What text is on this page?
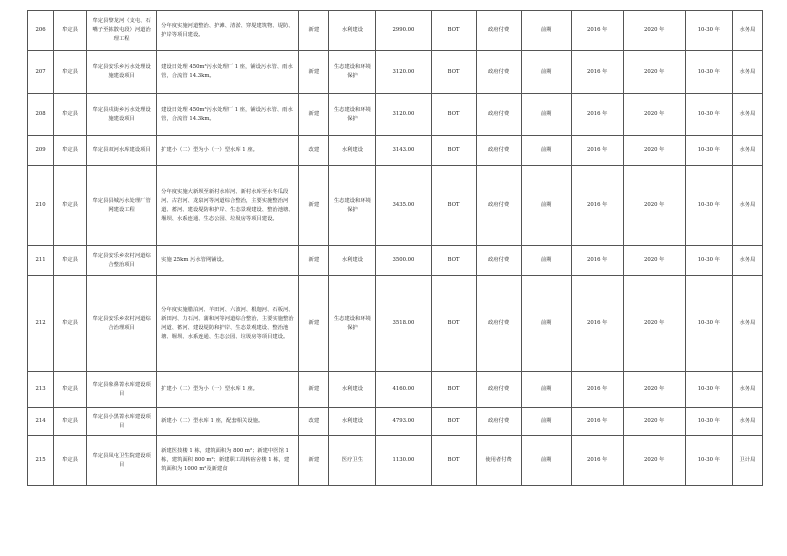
206	牟定县	牟定县黎龙河（支屯、石嘴子至拣散屯段）河道治理工程	分年度实施河道整治、护滩、清淤、穿堤建筑物、堤防、护岸等项目建设。	新建	水利建设	2990.00	BOT	政府付费	前期	2016 年	2020 年	10-30 年	水务局
207	牟定县	牟定县安乐乡污水处理设施建设项目	建设日处理 450m³污水处理厂 1 座，铺设污水管、雨水管，合流管 14.3km。	新建	生态建设和环境保护	3120.00	BOT	政府付费	前期	2016 年	2020 年	10-30 年	水务局
208	牟定县	牟定县戌街乡污水处理设施建设项目	建设日处理 450m³污水处理厂 1 座，铺设污水管、雨水管，合流管 14.3km。	新建	生态建设和环境保护	3120.00	BOT	政府付费	前期	2016 年	2020 年	10-30 年	水务局
209	牟定县	牟定县双河水库建设项目	扩建小（二）型为小（一）型水库 1 座。	改建	水利建设	3143.00	BOT	政府付费	前期	2016 年	2020 年	10-30 年	水务局
210	牟定县	牟定县县城污水处理厂管网建设工程	分年度实施大新坝至新村水库河、新村水库至水冬瓜段河、古岩河、龙泉河等河道综合整治，主要实施整治河道、蓄河、建设堤防和护岸、生态景观建设、整治池塘、堰坝、水系连通、生态公园、垃圾房等项目建设。	新建	生态建设和环境保护	3435.00	BOT	政府付费	前期	2016 年	2020 年	10-30 年	水务局
211	牟定县	牟定县安乐乡农村河道综合整治项目	实施 25km 污水管网铺设。	新建	水利建设	3500.00	BOT	政府付费	前期	2016 年	2020 年	10-30 年	水务局
212	牟定县	牟定县安乐乡农村河道综合治理项目	分年度实施腊泊河、羊田河、六波河、根迦河、石板河、新田河、力石河、蒲和河等河道综合整治，主要实施整治河道、蓄河、建设堤防和护岸、生态景观建设、整治池塘、堰坝、水系连通、生态公园、垃圾房等项目建设。	新建	生态建设和环境保护	3518.00	BOT	政府付费	前期	2016 年	2020 年	10-30 年	水务局
213	牟定县	牟定县象鼻箐水库建设项目	扩建小（二）型为小（一）型水库 1 座。	新建	水利建设	4160.00	BOT	政府付费	前期	2016 年	2020 年	10-30 年	水务局
214	牟定县	牟定县小黑箐水库建设项目	新建小（二）型水库 1 座，配套相关设施。	改建	水利建设	4793.00	BOT	政府付费	前期	2016 年	2020 年	10-30 年	水务局
215	牟定县	牟定县凤屯卫生院建设项目	新建医技楼 1 栋，建筑面积为 800 m²；新建中医馆 1 栋，建筑面积 800 m²；新建职工周转宿舍楼 1 栋，建筑面积为 1000 m²及新建食	新建	医疗卫生	1130.00	BOT	使用者付费	前期	2016 年	2020 年	10-30 年	卫计局
